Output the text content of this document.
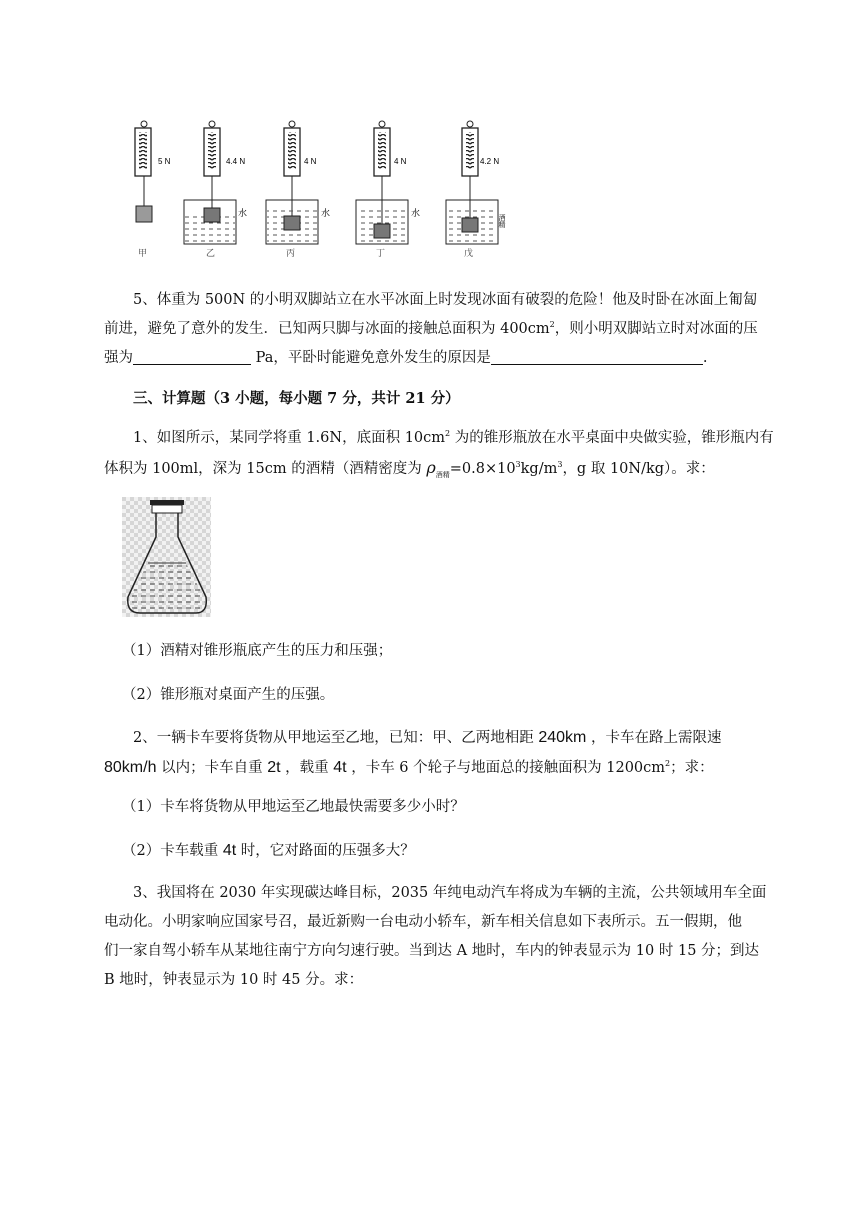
5 N
甲
4.4 N
水
乙
4 N
水
丙
4 N
水
丁
4.2 N
酒精
戊
5、体重为 500N 的小明双脚站立在水平冰面上时发现冰面有破裂的危险！他及时卧在冰面上匍匐
前进，避免了意外的发生．已知两只脚与冰面的接触总面积为 $400cm^2$，则小明双脚站立时对冰面的压
强为	Pa，平卧时能避免意外发生的原因是	.
三、计算题（3 小题，每小题 7 分，共计 21 分）
1、如图所示，某同学将重 1.6N，底面积 $10cm^2$ 为的锥形瓶放在水平桌面中央做实验，锥形瓶内有
体积为 100ml，深为 15cm 的酒精（酒精密度为 $\rho_{酒精}=0.8\times 10^3kg/m^3$，g 取 10N/kg）。求：
（1）酒精对锥形瓶底产生的压力和压强；
（2）锥形瓶对桌面产生的压强。
2、一辆卡车要将货物从甲地运至乙地，已知：甲、乙两地相距 240km ，卡车在路上需限速
80km/h 以内；卡车自重 2t ，载重 4t ，卡车 6 个轮子与地面总的接触面积为 $1200cm^2$；求：
（1）卡车将货物从甲地运至乙地最快需要多少小时？
（2）卡车载重 4t 时，它对路面的压强多大？
3、我国将在 2030 年实现碳达峰目标，2035 年纯电动汽车将成为车辆的主流，公共领域用车全面
电动化。小明家响应国家号召，最近新购一台电动小轿车，新车相关信息如下表所示。五一假期，他
们一家自驾小轿车从某地往南宁方向匀速行驶。当到达 A 地时，车内的钟表显示为 10 时 15 分；到达
B 地时，钟表显示为 10 时 45 分。求：
